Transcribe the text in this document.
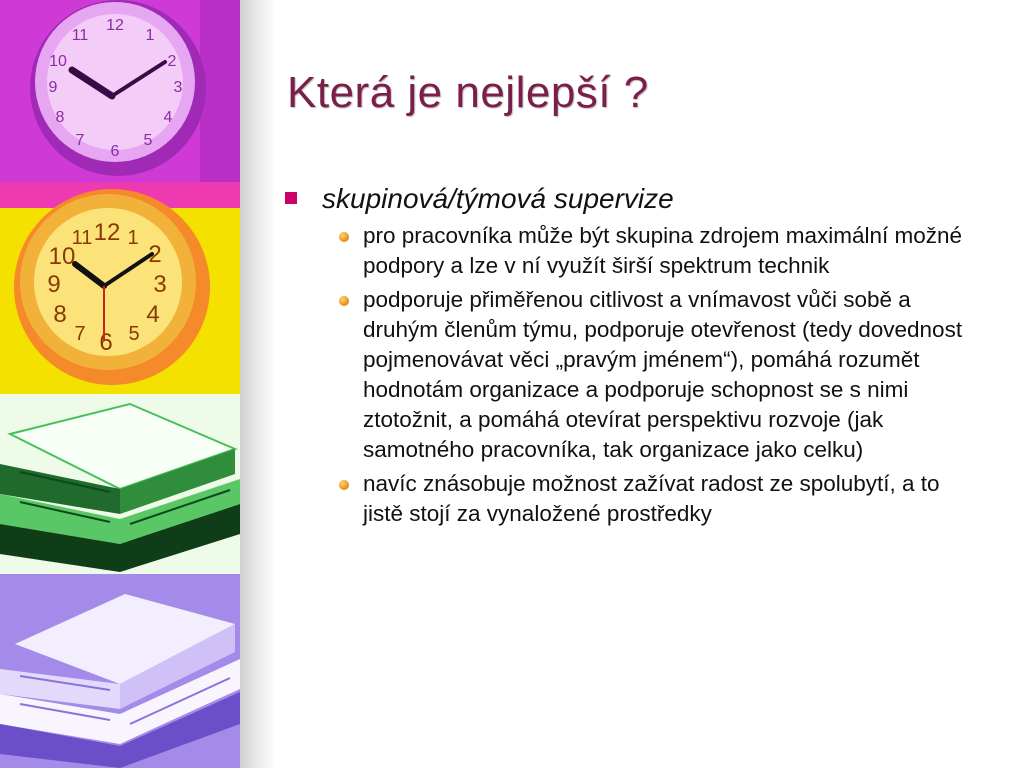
12
1
2
3
4
5
6
7
8
9
10
11
12 1
2
3
4
5
6
7
8
9
10
11
Která je nejlepší ?
skupinová/týmová supervize
pro pracovníka může být skupina zdrojem maximální možné podpory a lze v ní využít širší spektrum technik
podporuje přiměřenou citlivost a vnímavost vůči sobě a druhým členům týmu, podporuje otevřenost (tedy dovednost pojmenovávat věci „pravým jménem“), pomáhá rozumět hodnotám organizace a podporuje schopnost se s nimi ztotožnit, a pomáhá otevírat perspektivu rozvoje (jak samotného pracovníka, tak organizace jako celku)
navíc znásobuje možnost zažívat radost ze spolubytí, a to jistě stojí za vynaložené prostředky
